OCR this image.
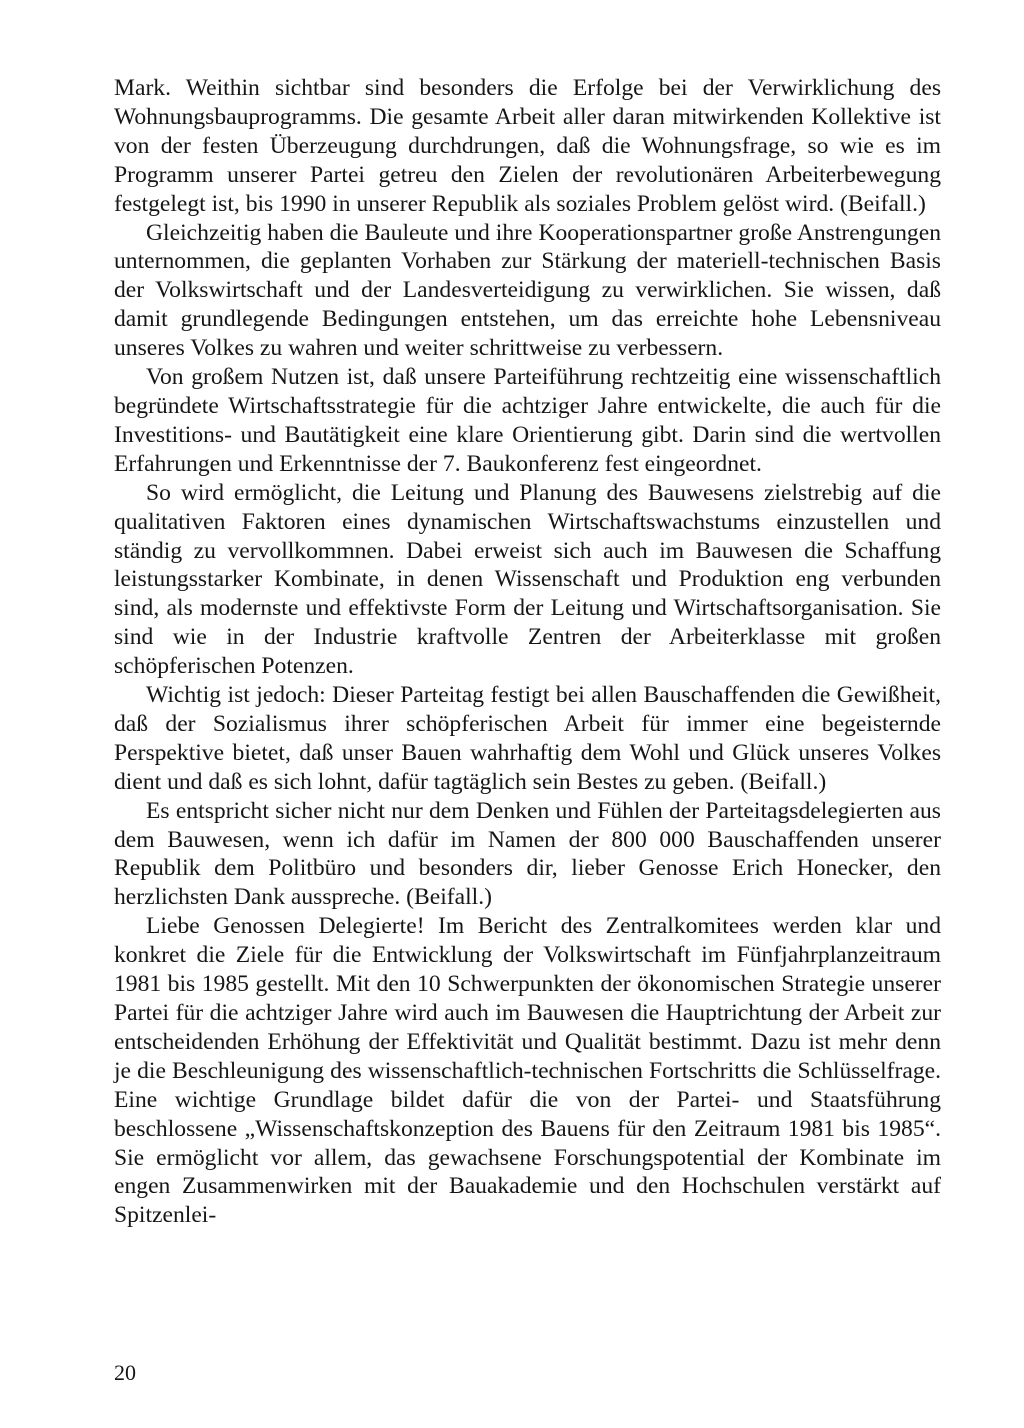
Mark. Weithin sichtbar sind besonders die Erfolge bei der Verwirklichung des Wohnungsbauprogramms. Die gesamte Arbeit aller daran mitwirkenden Kollektive ist von der festen Überzeugung durchdrungen, daß die Wohnungsfrage, so wie es im Programm unserer Partei getreu den Zielen der revolutionären Arbeiterbewegung festgelegt ist, bis 1990 in unserer Republik als soziales Problem gelöst wird. (Beifall.)

Gleichzeitig haben die Bauleute und ihre Kooperationspartner große Anstrengungen unternommen, die geplanten Vorhaben zur Stärkung der materiell-technischen Basis der Volkswirtschaft und der Landesverteidigung zu verwirklichen. Sie wissen, daß damit grundlegende Bedingungen entstehen, um das erreichte hohe Lebensniveau unseres Volkes zu wahren und weiter schrittweise zu verbessern.

Von großem Nutzen ist, daß unsere Parteiführung rechtzeitig eine wissenschaftlich begründete Wirtschaftsstrategie für die achtziger Jahre entwickelte, die auch für die Investitions- und Bautätigkeit eine klare Orientierung gibt. Darin sind die wertvollen Erfahrungen und Erkenntnisse der 7. Baukonferenz fest eingeordnet.

So wird ermöglicht, die Leitung und Planung des Bauwesens zielstrebig auf die qualitativen Faktoren eines dynamischen Wirtschaftswachstums einzustellen und ständig zu vervollkommnen. Dabei erweist sich auch im Bauwesen die Schaffung leistungsstarker Kombinate, in denen Wissenschaft und Produktion eng verbunden sind, als modernste und effektivste Form der Leitung und Wirtschaftsorganisation. Sie sind wie in der Industrie kraftvolle Zentren der Arbeiterklasse mit großen schöpferischen Potenzen.

Wichtig ist jedoch: Dieser Parteitag festigt bei allen Bauschaffenden die Gewißheit, daß der Sozialismus ihrer schöpferischen Arbeit für immer eine begeisternde Perspektive bietet, daß unser Bauen wahrhaftig dem Wohl und Glück unseres Volkes dient und daß es sich lohnt, dafür tagtäglich sein Bestes zu geben. (Beifall.)

Es entspricht sicher nicht nur dem Denken und Fühlen der Parteitagsdelegierten aus dem Bauwesen, wenn ich dafür im Namen der 800 000 Bauschaffenden unserer Republik dem Politbüro und besonders dir, lieber Genosse Erich Honecker, den herzlichsten Dank ausspreche. (Beifall.)

Liebe Genossen Delegierte! Im Bericht des Zentralkomitees werden klar und konkret die Ziele für die Entwicklung der Volkswirtschaft im Fünfjahrplanzeitraum 1981 bis 1985 gestellt. Mit den 10 Schwerpunkten der ökonomischen Strategie unserer Partei für die achtziger Jahre wird auch im Bauwesen die Hauptrichtung der Arbeit zur entscheidenden Erhöhung der Effektivität und Qualität bestimmt. Dazu ist mehr denn je die Beschleunigung des wissenschaftlich-technischen Fortschritts die Schlüsselfrage. Eine wichtige Grundlage bildet dafür die von der Partei- und Staatsführung beschlossene „Wissenschaftskonzeption des Bauens für den Zeitraum 1981 bis 1985“. Sie ermöglicht vor allem, das gewachsene Forschungspotential der Kombinate im engen Zusammenwirken mit der Bauakademie und den Hochschulen verstärkt auf Spitzenlei-

20
